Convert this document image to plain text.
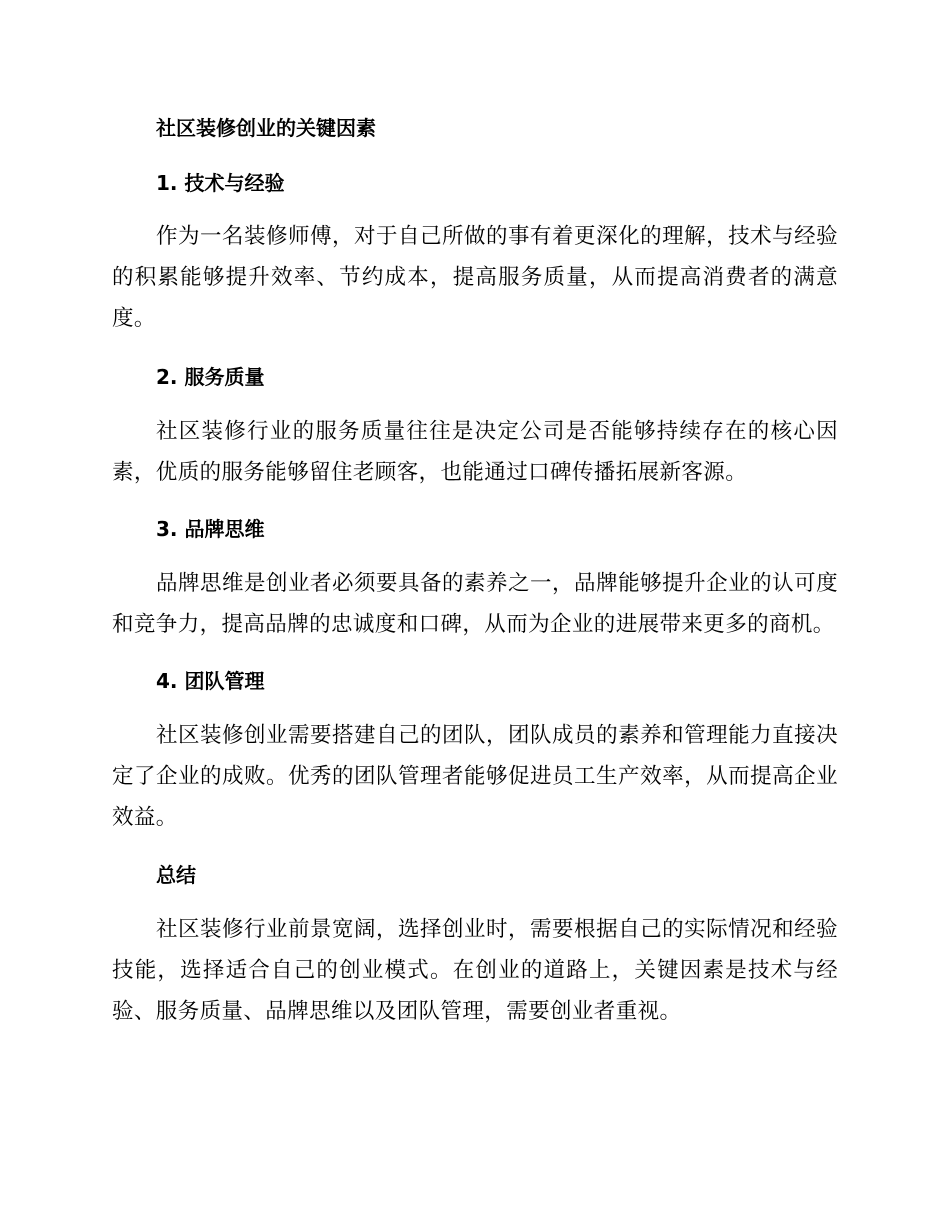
社区装修创业的关键因素
1. 技术与经验

作为一名装修师傅，对于自己所做的事有着更深化的理解，技术与经验的积累能够提升效率、节约成本，提高服务质量，从而提高消费者的满意度。

2. 服务质量

社区装修行业的服务质量往往是决定公司是否能够持续存在的核心因素，优质的服务能够留住老顾客，也能通过口碑传播拓展新客源。

3. 品牌思维

品牌思维是创业者必须要具备的素养之一，品牌能够提升企业的认可度和竞争力，提高品牌的忠诚度和口碑，从而为企业的进展带来更多的商机。

4. 团队管理

社区装修创业需要搭建自己的团队，团队成员的素养和管理能力直接决定了企业的成败。优秀的团队管理者能够促进员工生产效率，从而提高企业效益。

总结

社区装修行业前景宽阔，选择创业时，需要根据自己的实际情况和经验技能，选择适合自己的创业模式。在创业的道路上，关键因素是技术与经验、服务质量、品牌思维以及团队管理，需要创业者重视。
